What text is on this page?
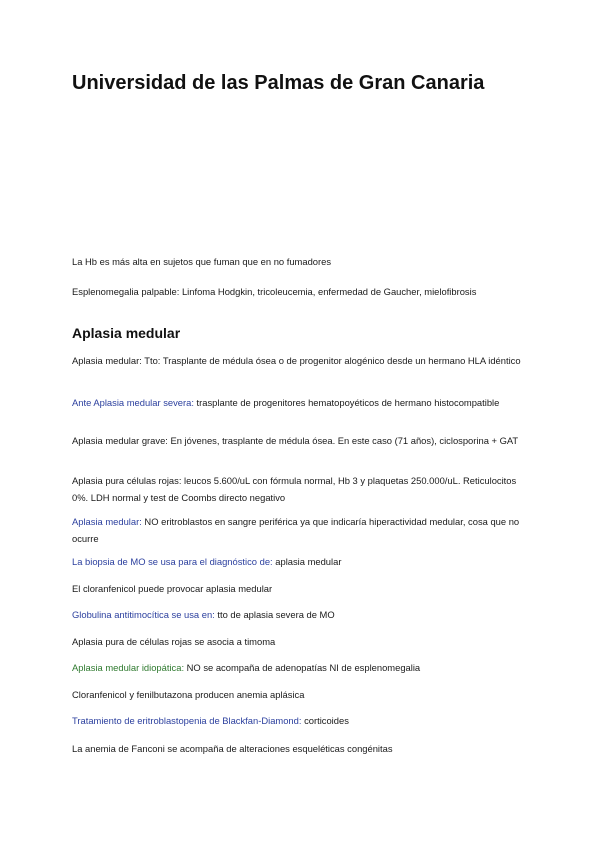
Universidad de las Palmas de Gran Canaria

La Hb es más alta en sujetos que fuman que en no fumadores

Esplenomegalia palpable: Linfoma Hodgkin, tricoleucemia, enfermedad de Gaucher, mielofibrosis

Aplasia medular

Aplasia medular: Tto: Trasplante de médula ósea o de progenitor alogénico desde un hermano HLA idéntico

Ante Aplasia medular severa: trasplante de progenitores hematopoyéticos de hermano histocompatible

Aplasia medular grave: En jóvenes, trasplante de médula ósea. En este caso (71 años), ciclosporina + GAT

Aplasia pura células rojas: leucos 5.600/uL con fórmula normal, Hb 3 y plaquetas 250.000/uL. Reticulocitos 0%. LDH normal y test de Coombs directo negativo

Aplasia medular: NO eritroblastos en sangre periférica ya que indicaría hiperactividad medular, cosa que no ocurre

La biopsia de MO se usa para el diagnóstico de: aplasia medular

El cloranfenicol puede provocar aplasia medular

Globulina antitimocítica se usa en: tto de aplasia severa de MO

Aplasia pura de células rojas se asocia a timoma

Aplasia medular idiopática: NO se acompaña de adenopatías NI de esplenomegalia

Cloranfenicol y fenilbutazona producen anemia aplásica

Tratamiento de eritroblastopenia de Blackfan-Diamond: corticoides

La anemia de Fanconi se acompaña de alteraciones esqueléticas congénitas
